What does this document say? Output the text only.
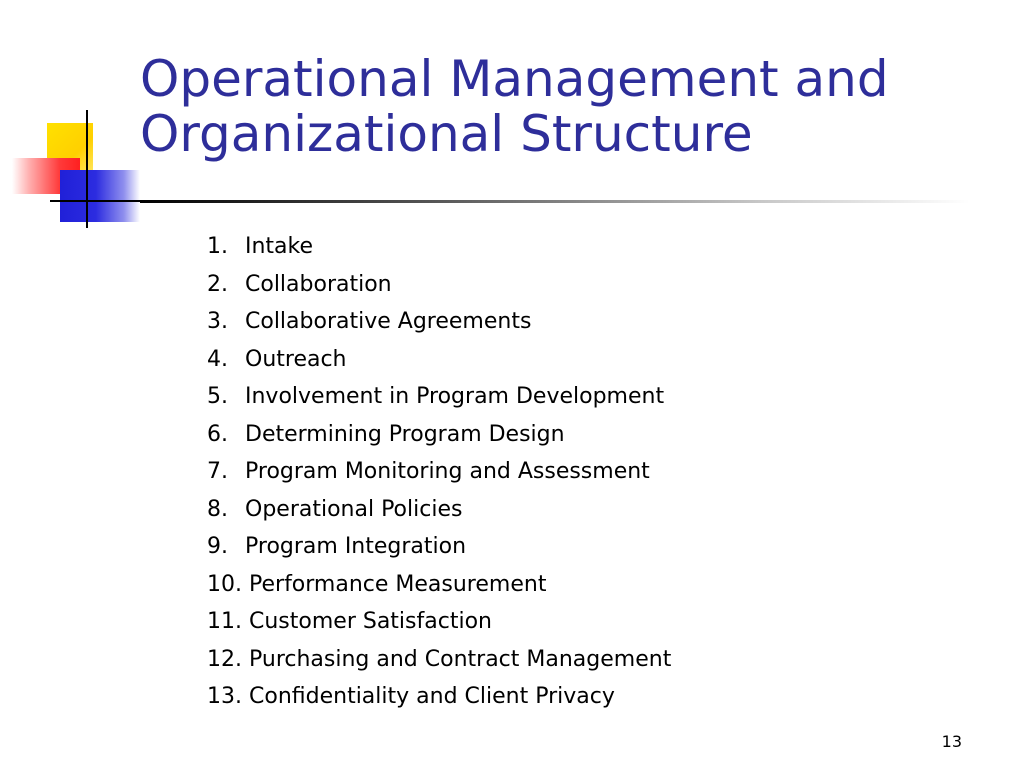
Operational Management and
Organizational Structure
1. Intake
2. Collaboration
3. Collaborative Agreements
4. Outreach
5. Involvement in Program Development
6. Determining Program Design
7. Program Monitoring and Assessment
8. Operational Policies
9. Program Integration
10. Performance Measurement
11. Customer Satisfaction
12. Purchasing and Contract Management
13. Confidentiality and Client Privacy
13
